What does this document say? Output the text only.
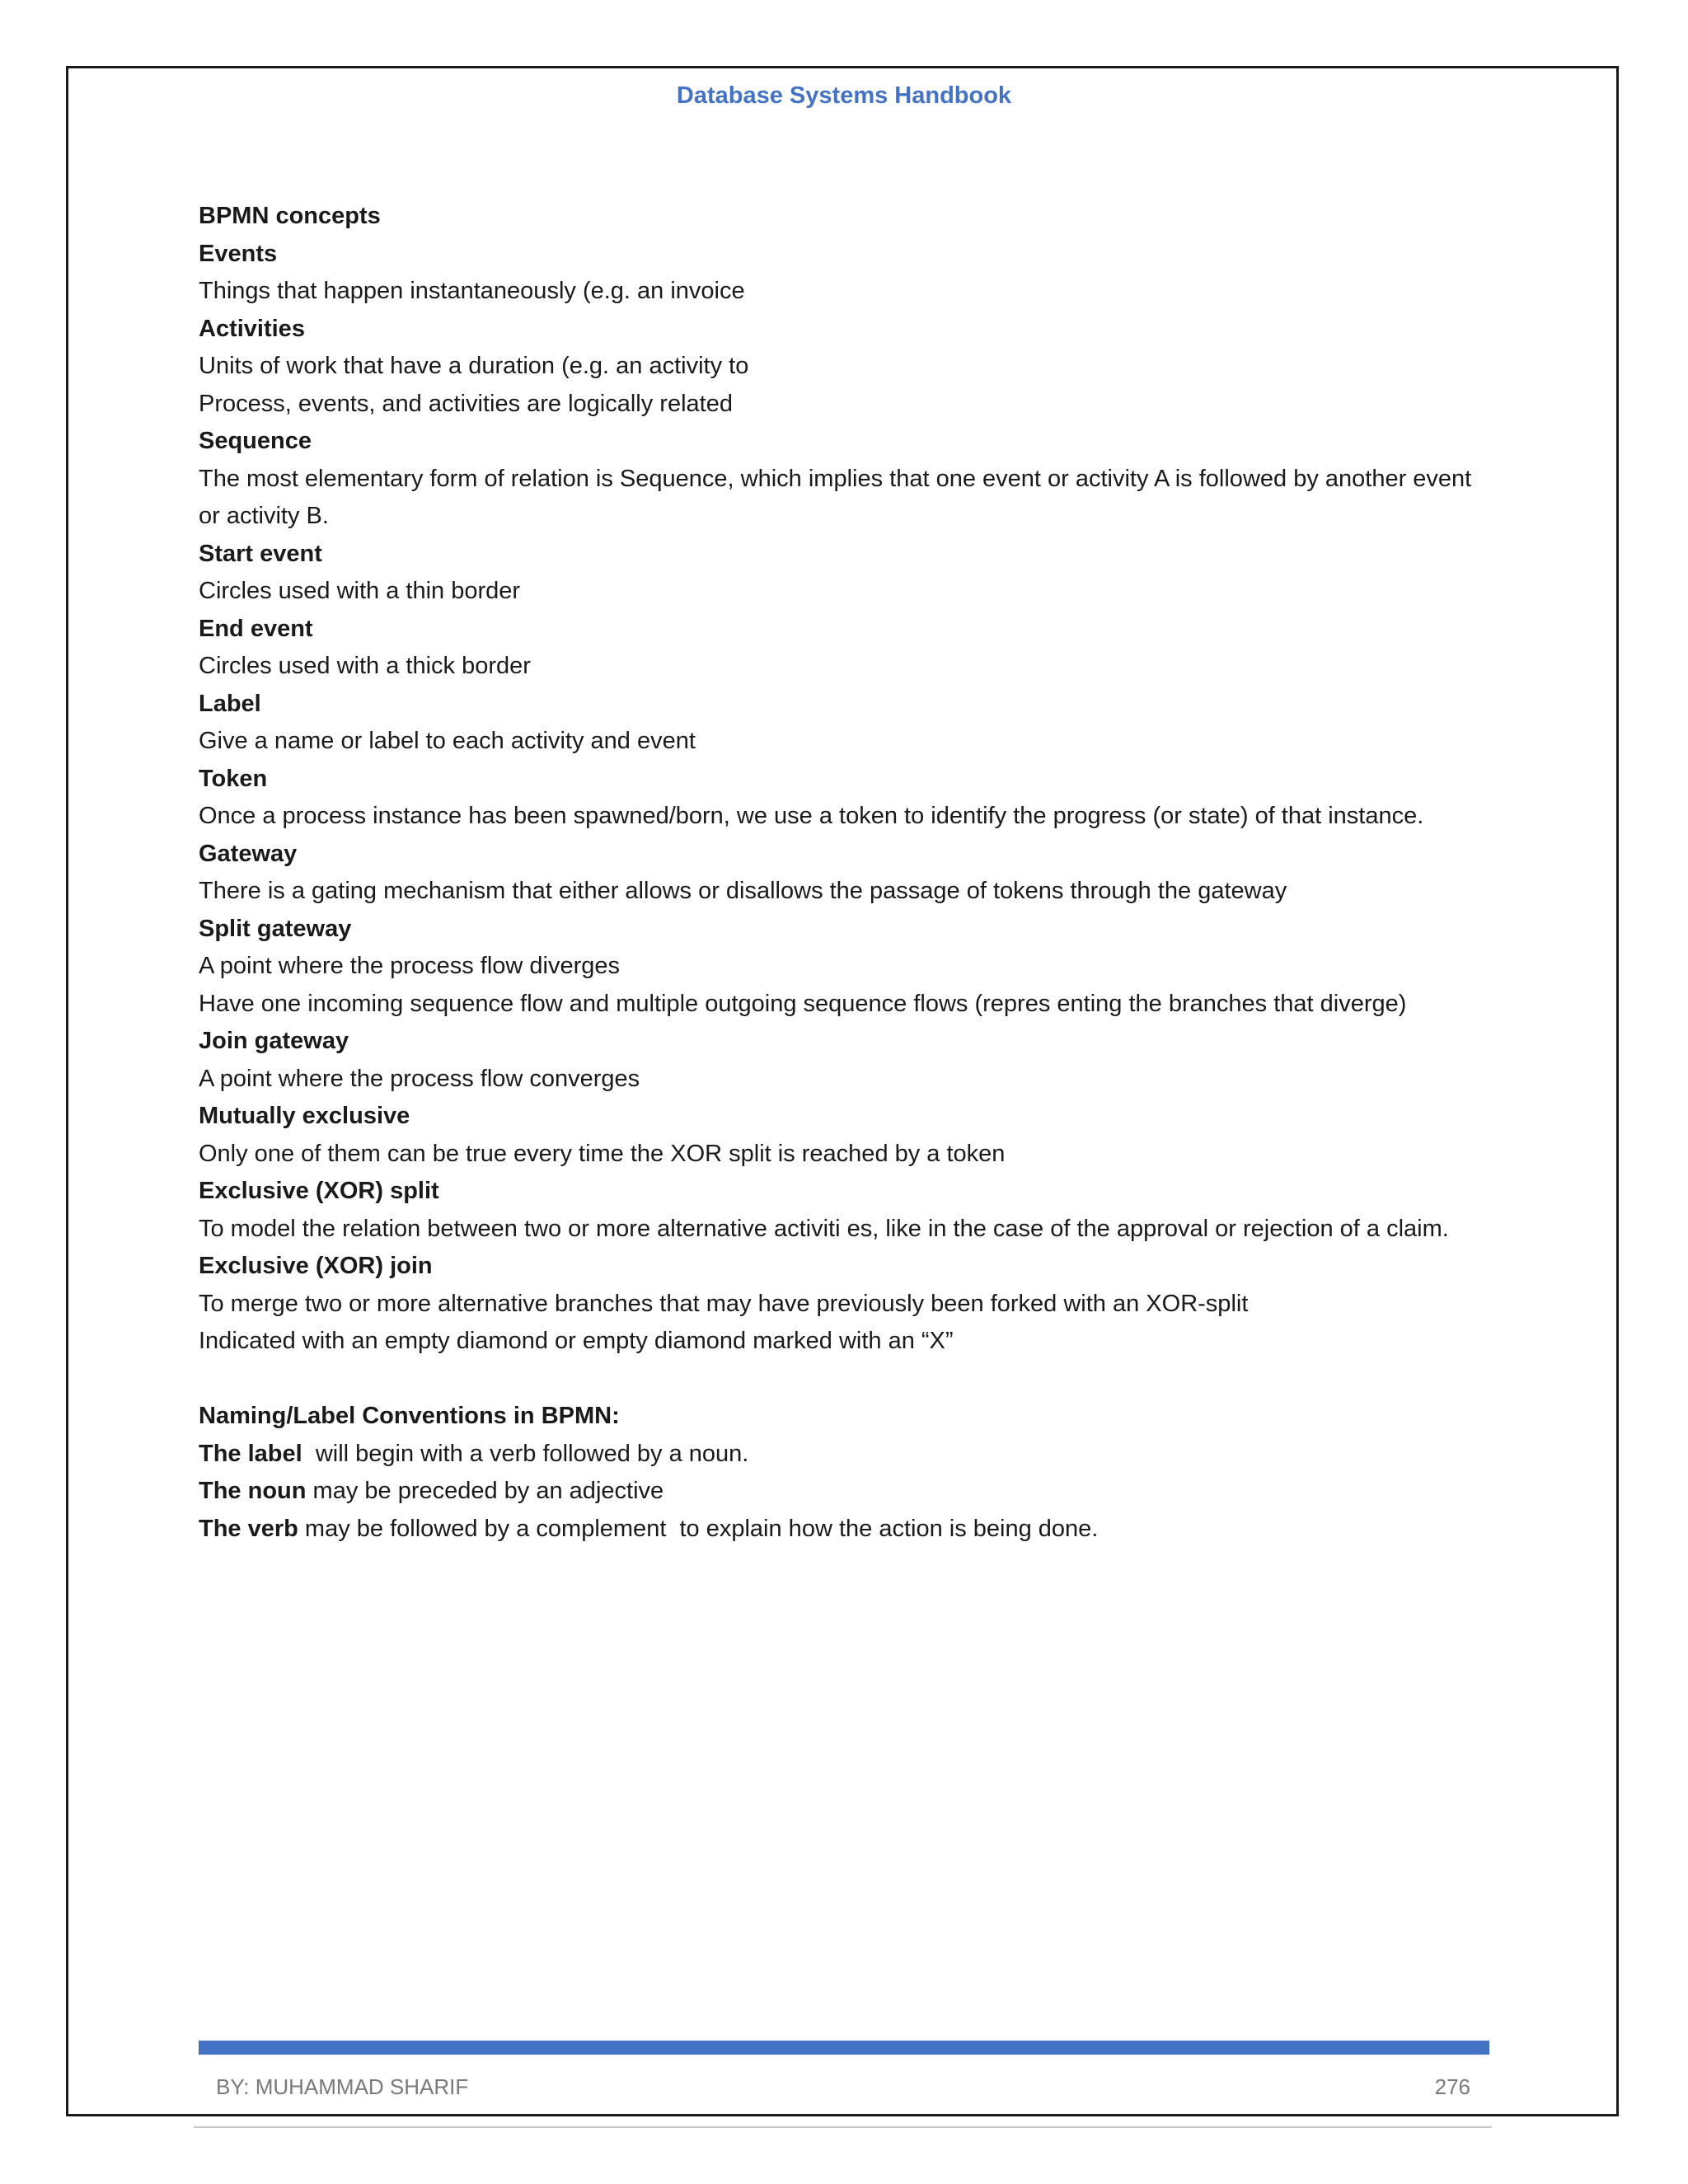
Database Systems Handbook
BPMN concepts
Events
Things that happen instantaneously (e.g. an invoice
Activities
Units of work that have a duration (e.g. an activity to
Process, events, and activities are logically related
Sequence
The most elementary form of relation is Sequence, which implies that one event or activity A is followed by another event or activity B.
Start event
Circles used with a thin border
End event
Circles used with a thick border
Label
Give a name or label to each activity and event
Token
Once a process instance has been spawned/born, we use a token to identify the progress (or state) of that instance.
Gateway
There is a gating mechanism that either allows or disallows the passage of tokens through the gateway
Split gateway
A point where the process flow diverges
Have one incoming sequence flow and multiple outgoing sequence flows (repres enting the branches that diverge)
Join gateway
A point where the process flow converges
Mutually exclusive
Only one of them can be true every time the XOR split is reached by a token
Exclusive (XOR) split
To model the relation between two or more alternative activiti es, like in the case of the approval or rejection of a claim.
Exclusive (XOR) join
To merge two or more alternative branches that may have previously been forked with an XOR-split
Indicated with an empty diamond or empty diamond marked with an “X”
Naming/Label Conventions in BPMN:
The label  will begin with a verb followed by a noun.
The noun may be preceded by an adjective
The verb may be followed by a complement  to explain how the action is being done.
BY: MUHAMMAD SHARIF	276
